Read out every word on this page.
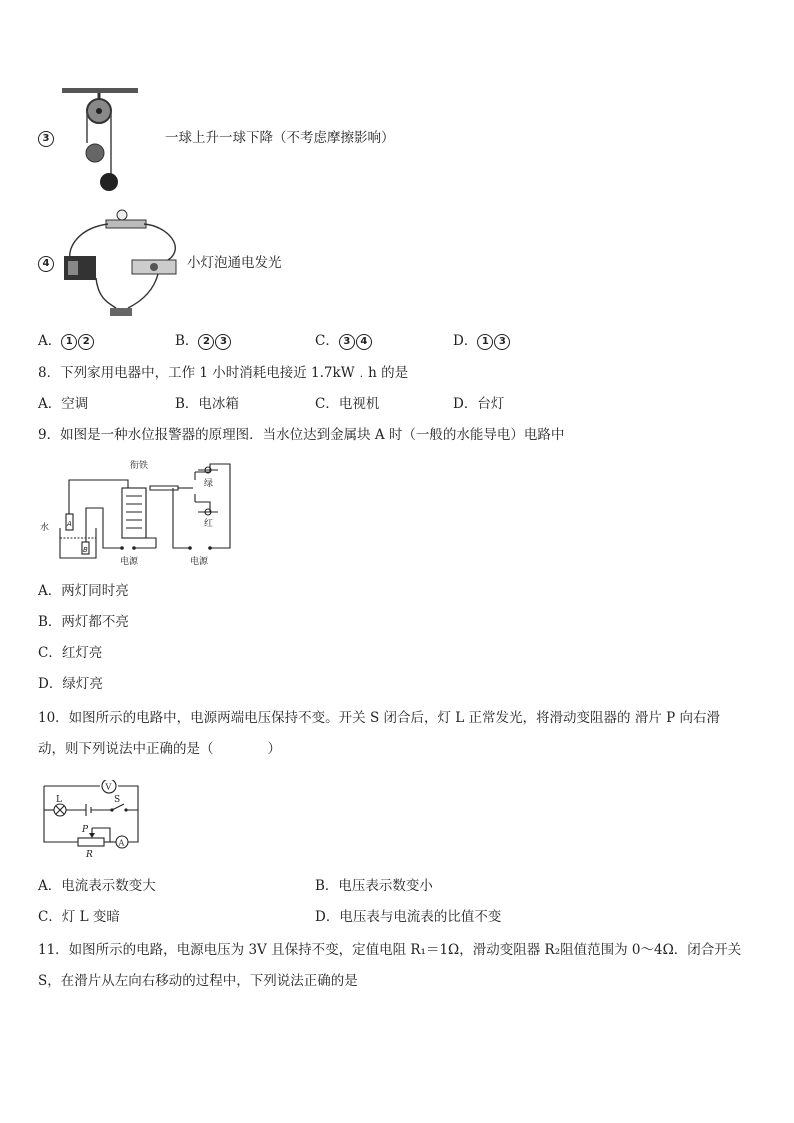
3	一球上升一球下降（不考虑摩擦影响）
4	小灯泡通电发光
A． 1 2	B． 2 3	C． 3 4	D． 1 3
8．下列家用电器中，工作 1 小时消耗电接近 1.7kW﹒h 的是
A．空调	B．电冰箱	C．电视机	D．台灯
9．如图是一种水位报警器的原理图．当水位达到金属块 A 时（一般的水能导电）电路中
衔铁
绿
红
水
电源	电源
A
B
A．两灯同时亮
B．两灯都不亮
C．红灯亮
D．绿灯亮
10．如图所示的电路中，电源两端电压保持不变。开关 S 闭合后，灯 L 正常发光，将滑动变阻器的 滑片 P 向右滑
动，则下列说法中正确的是（　　　　）
V
L	S
P
R
A
A．电流表示数变大	B．电压表示数变小
C．灯 L 变暗	D．电压表与电流表的比值不变
11．如图所示的电路，电源电压为 3V 且保持不变，定值电阻 R₁＝1Ω，滑动变阻器 R₂阻值范围为 0～4Ω．闭合开关
S，在滑片从左向右移动的过程中，下列说法正确的是
